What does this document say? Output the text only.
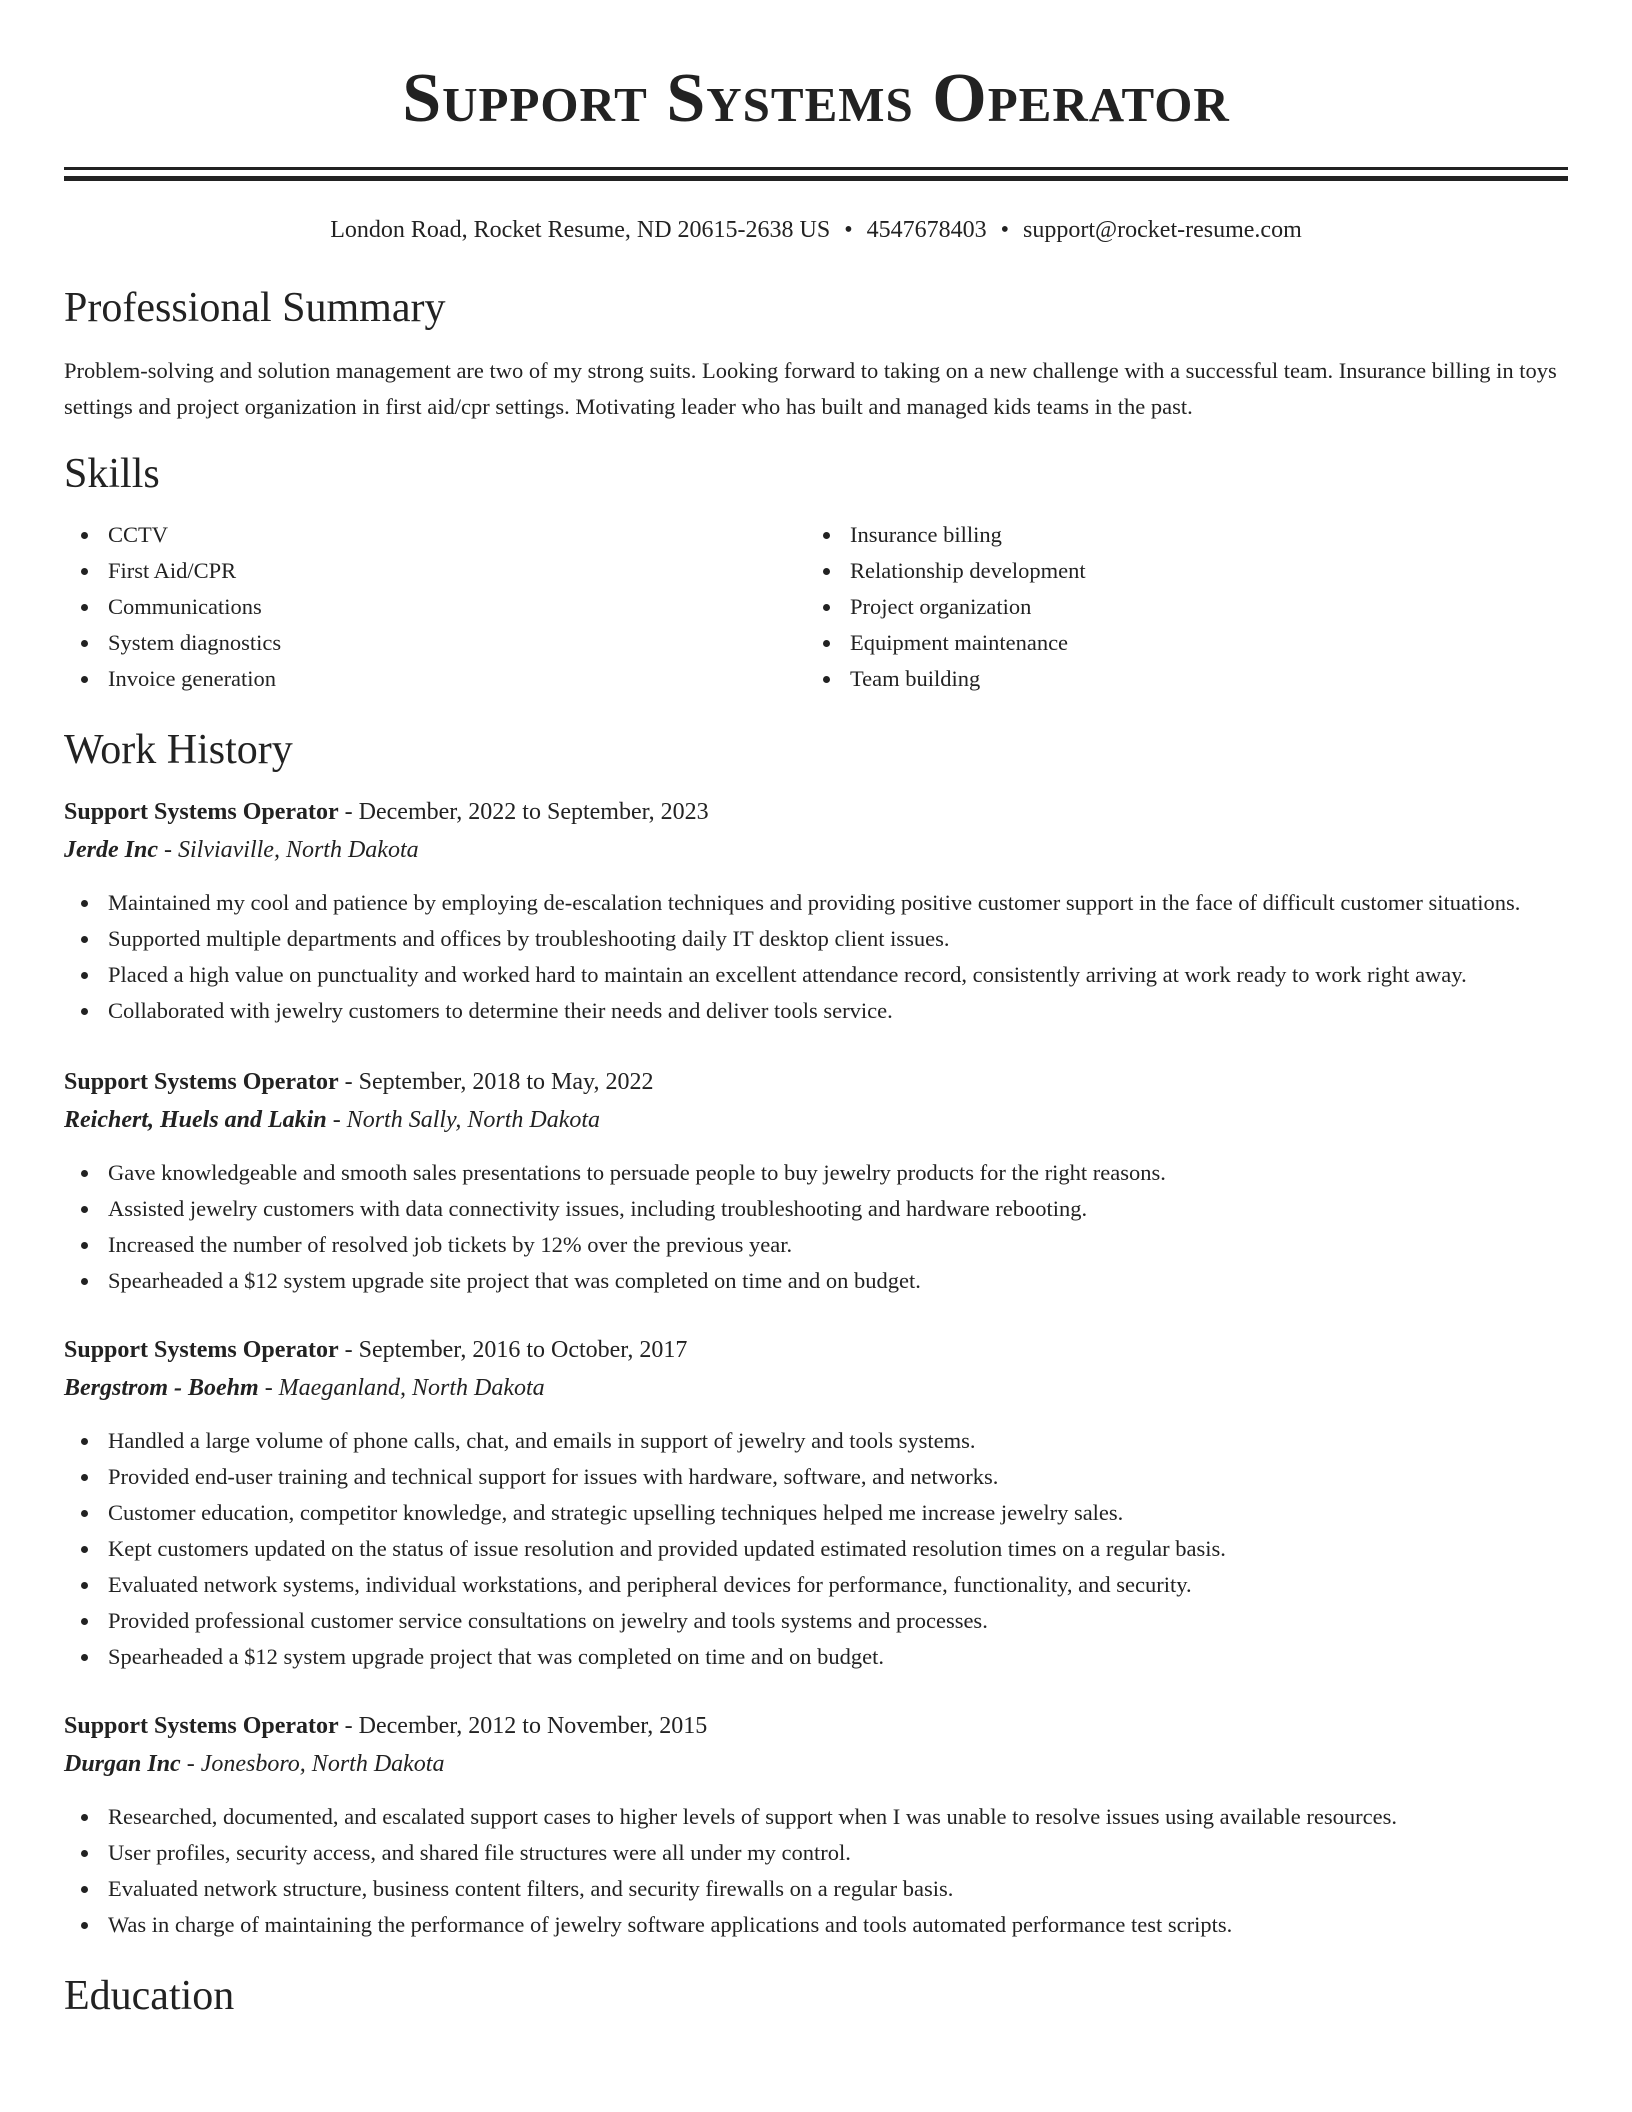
Support Systems Operator
London Road, Rocket Resume, ND 20615-2638 US • 4547678403 • support@rocket-resume.com
Professional Summary
Problem-solving and solution management are two of my strong suits. Looking forward to taking on a new challenge with a successful team. Insurance billing in toys settings and project organization in first aid/cpr settings. Motivating leader who has built and managed kids teams in the past.
Skills
CCTV
First Aid/CPR
Communications
System diagnostics
Invoice generation
Insurance billing
Relationship development
Project organization
Equipment maintenance
Team building
Work History
Support Systems Operator - December, 2022 to September, 2023
Jerde Inc - Silviaville, North Dakota
Maintained my cool and patience by employing de-escalation techniques and providing positive customer support in the face of difficult customer situations.
Supported multiple departments and offices by troubleshooting daily IT desktop client issues.
Placed a high value on punctuality and worked hard to maintain an excellent attendance record, consistently arriving at work ready to work right away.
Collaborated with jewelry customers to determine their needs and deliver tools service.
Support Systems Operator - September, 2018 to May, 2022
Reichert, Huels and Lakin - North Sally, North Dakota
Gave knowledgeable and smooth sales presentations to persuade people to buy jewelry products for the right reasons.
Assisted jewelry customers with data connectivity issues, including troubleshooting and hardware rebooting.
Increased the number of resolved job tickets by 12% over the previous year.
Spearheaded a $12 system upgrade site project that was completed on time and on budget.
Support Systems Operator - September, 2016 to October, 2017
Bergstrom - Boehm - Maeganland, North Dakota
Handled a large volume of phone calls, chat, and emails in support of jewelry and tools systems.
Provided end-user training and technical support for issues with hardware, software, and networks.
Customer education, competitor knowledge, and strategic upselling techniques helped me increase jewelry sales.
Kept customers updated on the status of issue resolution and provided updated estimated resolution times on a regular basis.
Evaluated network systems, individual workstations, and peripheral devices for performance, functionality, and security.
Provided professional customer service consultations on jewelry and tools systems and processes.
Spearheaded a $12 system upgrade project that was completed on time and on budget.
Support Systems Operator - December, 2012 to November, 2015
Durgan Inc - Jonesboro, North Dakota
Researched, documented, and escalated support cases to higher levels of support when I was unable to resolve issues using available resources.
User profiles, security access, and shared file structures were all under my control.
Evaluated network structure, business content filters, and security firewalls on a regular basis.
Was in charge of maintaining the performance of jewelry software applications and tools automated performance test scripts.
Education
